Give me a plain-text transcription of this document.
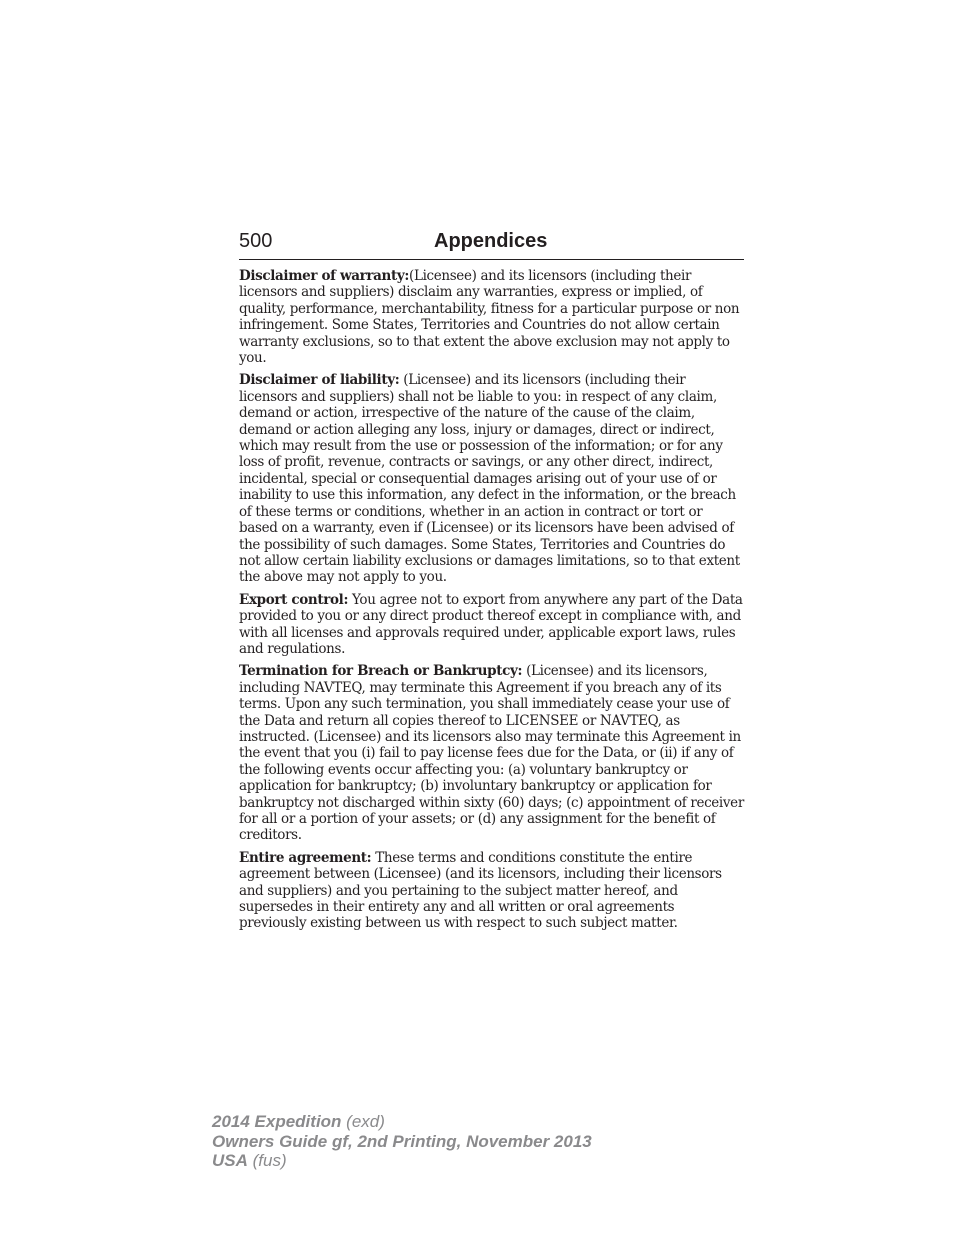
500	Appendices

Disclaimer of warranty:(Licensee) and its licensors (including their licensors and suppliers) disclaim any warranties, express or implied, of quality, performance, merchantability, fitness for a particular purpose or non infringement. Some States, Territories and Countries do not allow certain warranty exclusions, so to that extent the above exclusion may not apply to you.

Disclaimer of liability: (Licensee) and its licensors (including their licensors and suppliers) shall not be liable to you: in respect of any claim, demand or action, irrespective of the nature of the cause of the claim, demand or action alleging any loss, injury or damages, direct or indirect, which may result from the use or possession of the information; or for any loss of profit, revenue, contracts or savings, or any other direct, indirect, incidental, special or consequential damages arising out of your use of or inability to use this information, any defect in the information, or the breach of these terms or conditions, whether in an action in contract or tort or based on a warranty, even if (Licensee) or its licensors have been advised of the possibility of such damages. Some States, Territories and Countries do not allow certain liability exclusions or damages limitations, so to that extent the above may not apply to you.

Export control: You agree not to export from anywhere any part of the Data provided to you or any direct product thereof except in compliance with, and with all licenses and approvals required under, applicable export laws, rules and regulations.

Termination for Breach or Bankruptcy: (Licensee) and its licensors, including NAVTEQ, may terminate this Agreement if you breach any of its terms. Upon any such termination, you shall immediately cease your use of the Data and return all copies thereof to LICENSEE or NAVTEQ, as instructed. (Licensee) and its licensors also may terminate this Agreement in the event that you (i) fail to pay license fees due for the Data, or (ii) if any of the following events occur affecting you: (a) voluntary bankruptcy or application for bankruptcy; (b) involuntary bankruptcy or application for bankruptcy not discharged within sixty (60) days; (c) appointment of receiver for all or a portion of your assets; or (d) any assignment for the benefit of creditors.

Entire agreement: These terms and conditions constitute the entire agreement between (Licensee) (and its licensors, including their licensors and suppliers) and you pertaining to the subject matter hereof, and supersedes in their entirety any and all written or oral agreements previously existing between us with respect to such subject matter.

2014 Expedition (exd)
Owners Guide gf, 2nd Printing, November 2013
USA (fus)
